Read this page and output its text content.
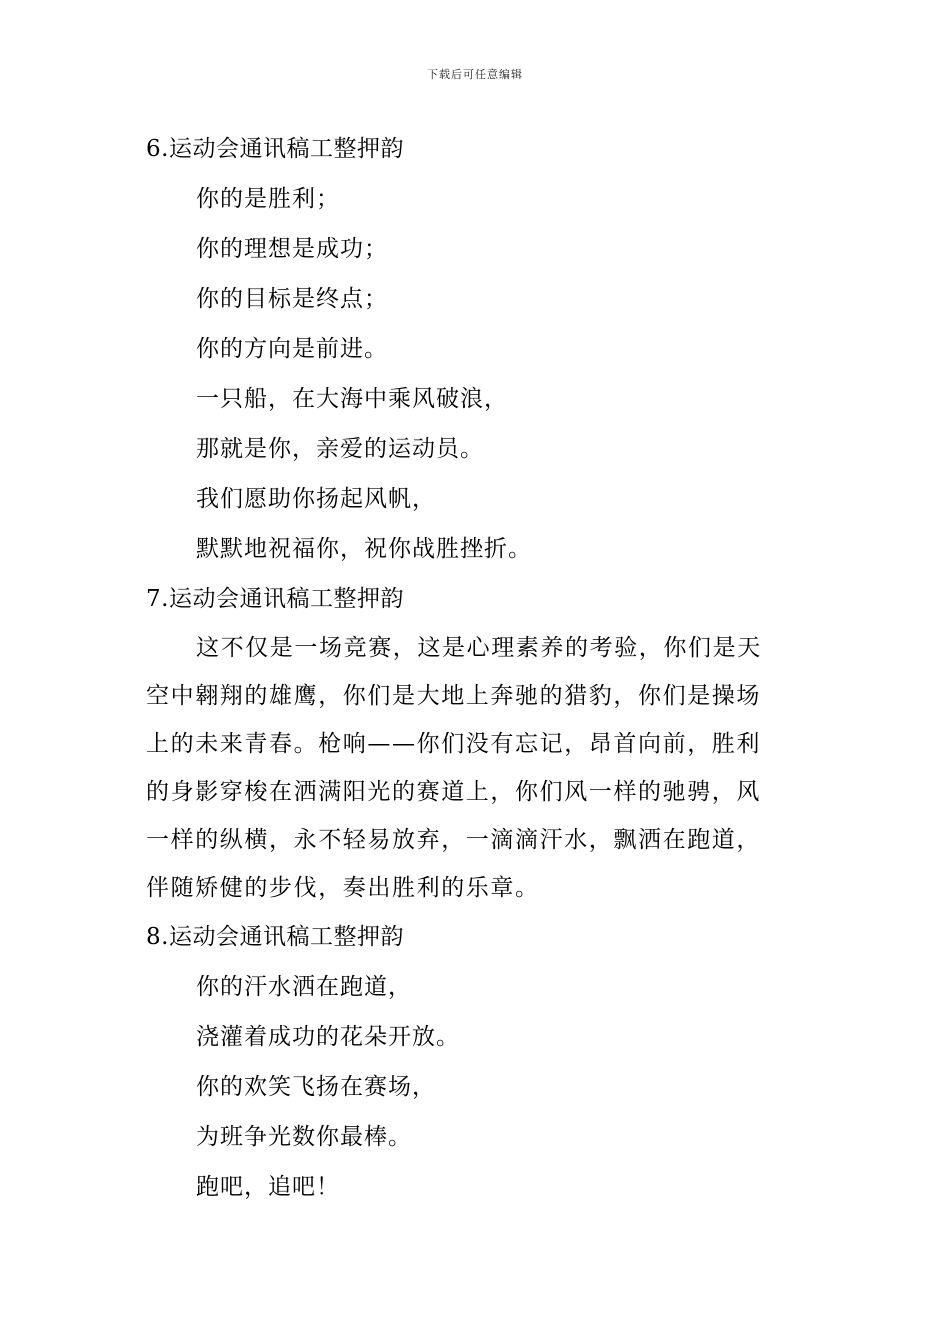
下载后可任意编辑
6.运动会通讯稿工整押韵
你的是胜利；
你的理想是成功；
你的目标是终点；
你的方向是前进。
一只船，在大海中乘风破浪，
那就是你，亲爱的运动员。
我们愿助你扬起风帆，
默默地祝福你，祝你战胜挫折。
7.运动会通讯稿工整押韵
这不仅是一场竞赛，这是心理素养的考验，你们是天
空中翱翔的雄鹰，你们是大地上奔驰的猎豹，你们是操场
上的未来青春。枪响——你们没有忘记，昂首向前，胜利
的身影穿梭在洒满阳光的赛道上，你们风一样的驰骋，风
一样的纵横，永不轻易放弃，一滴滴汗水，飘洒在跑道，
伴随矫健的步伐，奏出胜利的乐章。
8.运动会通讯稿工整押韵
你的汗水洒在跑道，
浇灌着成功的花朵开放。
你的欢笑飞扬在赛场，
为班争光数你最棒。
跑吧，追吧！
